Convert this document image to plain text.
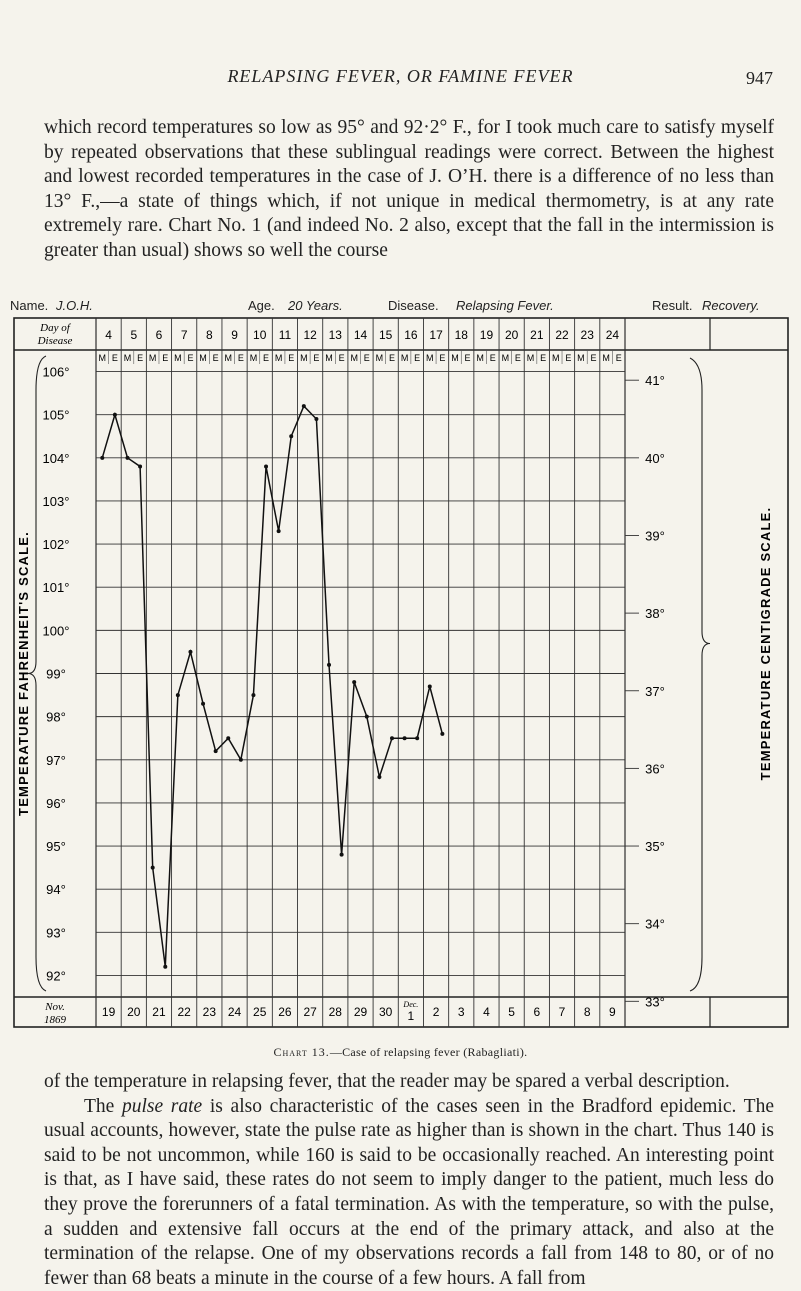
RELAPSING FEVER, OR FAMINE FEVER	947
which record temperatures so low as 95° and 92·2° F., for I took much care to satisfy myself by repeated observations that these sublingual readings were correct. Between the highest and lowest recorded temperatures in the case of J. O’H. there is a difference of no less than 13° F.,—a state of things which, if not unique in medical thermometry, is at any rate extremely rare. Chart No. 1 (and indeed No. 2 also, except that the fall in the intermission is greater than usual) shows so well the course
Name. J.O.H.	Age. 20 Years.	Disease. Relapsing Fever.	Result. Recovery.
M E M E M E M E M E M E M E M E M E M E M E M E M E M E M E M E M E M E M E M E M E
106°
105°
104°
103°
102°
101°
100°
99°
98°
97°
96°
95°
94°
93°
92°
41°
40°
39°
38°
37°
36°
35°
34°
33°
Day of
Disease
Nov.
1869
4 5 6 7 8 9 10 11 12 13 14 15 16 17 18 19 20 21 22 23 24
19 20 21 22 23 24 25 26 27 28 29 30
Dec.
1 2 3 4 5 6 7 8 9
TEMPERATURE FAHRENHEIT'S SCALE.	TEMPERATURE CENTIGRADE SCALE.
Chart 13.—Case of relapsing fever (Rabagliati).

of the temperature in relapsing fever, that the reader may be spared a verbal description.

The pulse rate is also characteristic of the cases seen in the Bradford epidemic. The usual accounts, however, state the pulse rate as higher than is shown in the chart. Thus 140 is said to be not uncommon, while 160 is said to be occasionally reached. An interesting point is that, as I have said, these rates do not seem to imply danger to the patient, much less do they prove the forerunners of a fatal termination. As with the temperature, so with the pulse, a sudden and extensive fall occurs at the end of the primary attack, and also at the termination of the relapse. One of my observations records a fall from 148 to 80, or of no fewer than 68 beats a minute in the course of a few hours. A fall from
